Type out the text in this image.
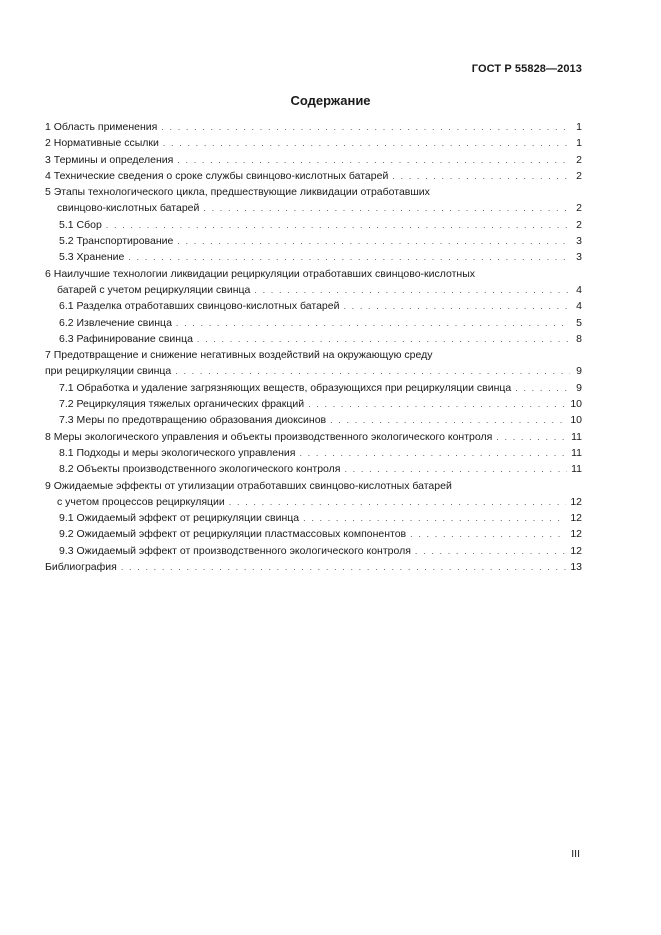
ГОСТ Р 55828—2013
Содержание
1 Область применения . . .	1
2 Нормативные ссылки . . .	1
3 Термины и определения . . .	2
4 Технические сведения о сроке службы свинцово-кислотных батарей . . .	2
5 Этапы технологического цикла, предшествующие ликвидации отработавших
свинцово-кислотных батарей . . .	2
5.1 Сбор . . .	2
5.2 Транспортирование . . .	3
5.3 Хранение . . .	3
6 Наилучшие технологии ликвидации рециркуляции отработавших свинцово-кислотных
батарей с учетом рециркуляции свинца . . .	4
6.1 Разделка отработавших свинцово-кислотных батарей . . .	4
6.2 Извлечение свинца . . .	5
6.3 Рафинирование свинца . . .	8
7 Предотвращение и снижение негативных воздействий на окружающую среду
при рециркуляции свинца . . .	9
7.1 Обработка и удаление загрязняющих веществ, образующихся при рециркуляции свинца . . .	9
7.2 Рециркуляция тяжелых органических фракций . . .	10
7.3 Меры по предотвращению образования диоксинов . . .	10
8 Меры экологического управления и объекты производственного экологического контроля . . .	11
8.1 Подходы и меры экологического управления . . .	11
8.2 Объекты производственного экологического контроля . . .	11
9 Ожидаемые эффекты от утилизации отработавших свинцово-кислотных батарей
с учетом процессов рециркуляции . . .	12
9.1 Ожидаемый эффект от рециркуляции свинца . . .	12
9.2 Ожидаемый эффект от рециркуляции пластмассовых компонентов . . .	12
9.3 Ожидаемый эффект от производственного экологического контроля . . .	12
Библиография . . .	13
III
